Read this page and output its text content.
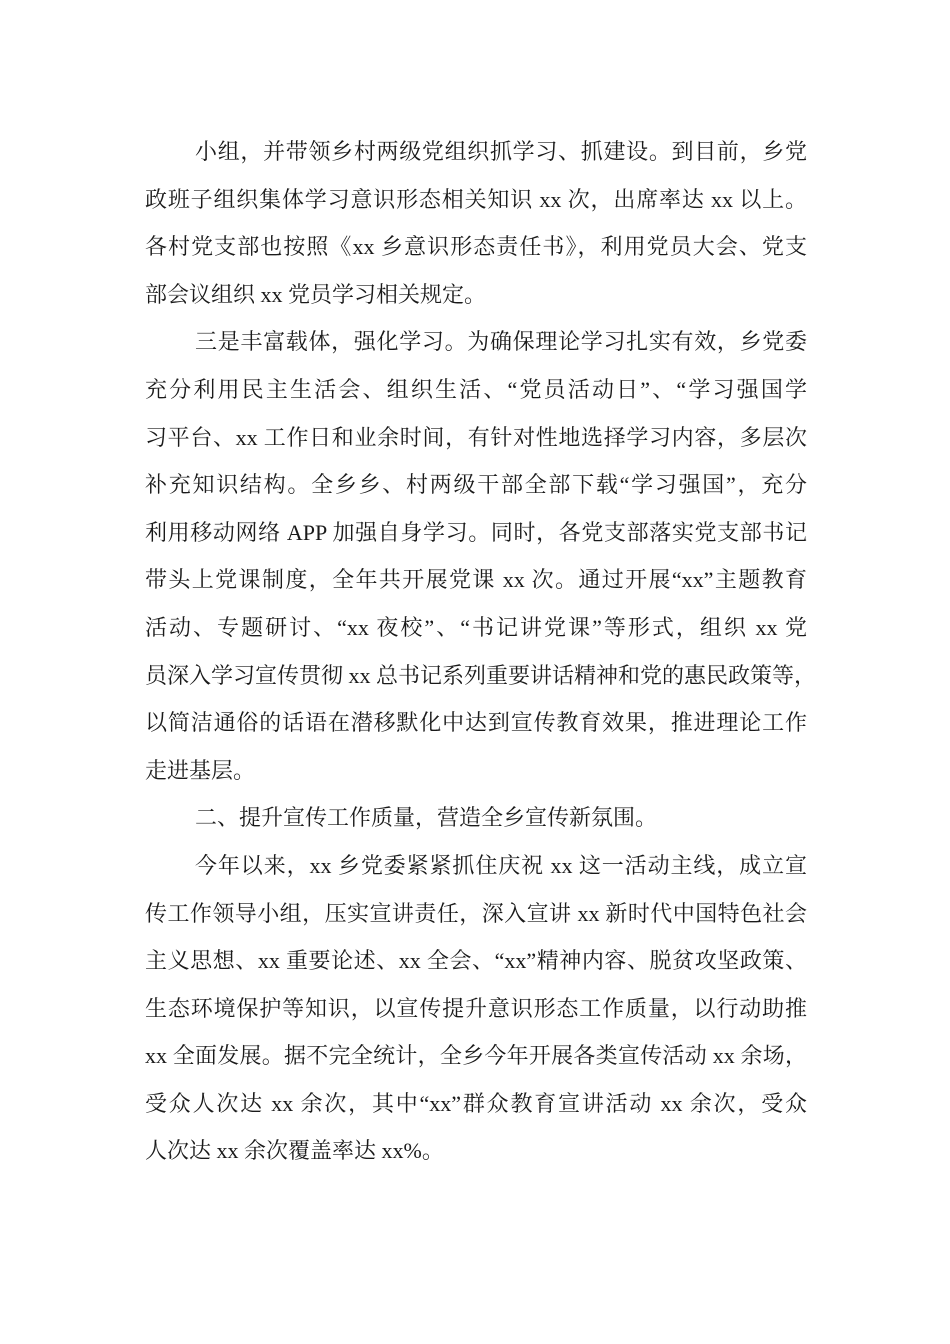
小组，并带领乡村两级党组织抓学习、抓建设。到目前，乡党
政班子组织集体学习意识形态相关知识 xx 次，出席率达 xx 以上。
各村党支部也按照《xx 乡意识形态责任书》，利用党员大会、党支
部会议组织 xx 党员学习相关规定。
三是丰富载体，强化学习。为确保理论学习扎实有效，乡党委
充分利用民主生活会、组织生活、“党员活动日”、“学习强国学
习平台、xx 工作日和业余时间，有针对性地选择学习内容，多层次
补充知识结构。全乡乡、村两级干部全部下载“学习强国”，充分
利用移动网络 APP 加强自身学习。同时，各党支部落实党支部书记
带头上党课制度，全年共开展党课 xx 次。通过开展“xx”主题教育
活动、专题研讨、“xx 夜校”、“书记讲党课”等形式，组织 xx 党
员深入学习宣传贯彻 xx 总书记系列重要讲话精神和党的惠民政策等，
以简洁通俗的话语在潜移默化中达到宣传教育效果，推进理论工作
走进基层。
二、提升宣传工作质量，营造全乡宣传新氛围。
今年以来，xx 乡党委紧紧抓住庆祝 xx 这一活动主线，成立宣
传工作领导小组，压实宣讲责任，深入宣讲 xx 新时代中国特色社会
主义思想、xx 重要论述、xx 全会、“xx”精神内容、脱贫攻坚政策、
生态环境保护等知识，以宣传提升意识形态工作质量，以行动助推
xx 全面发展。据不完全统计，全乡今年开展各类宣传活动 xx 余场，
受众人次达 xx 余次，其中“xx”群众教育宣讲活动 xx 余次，受众
人次达 xx 余次覆盖率达 xx%。
